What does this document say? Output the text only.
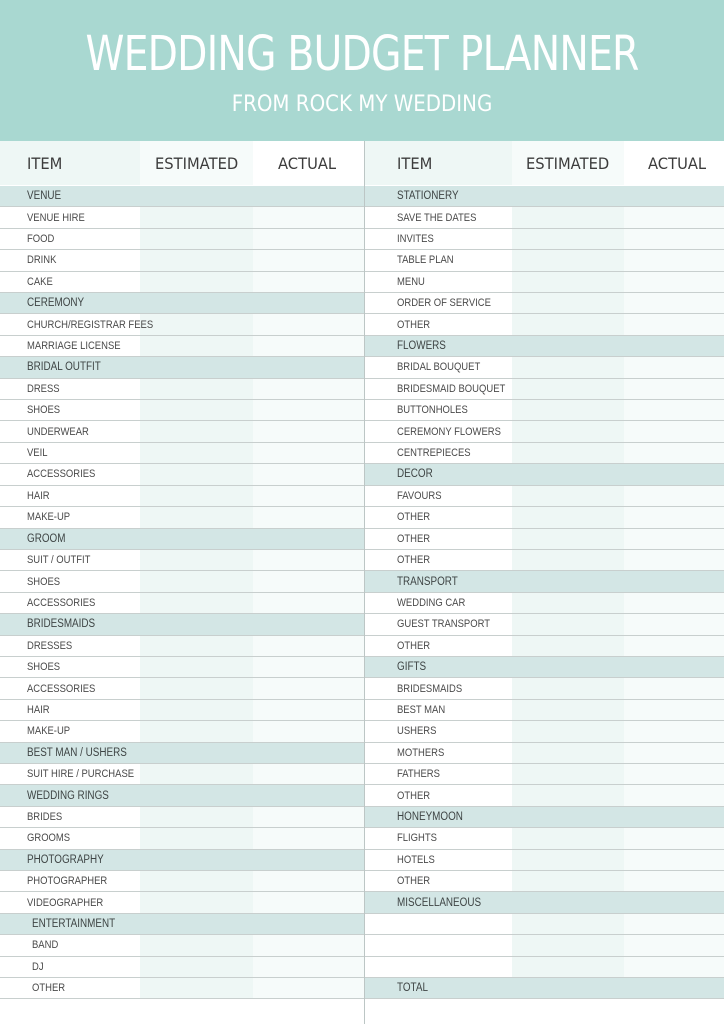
WEDDING BUDGET PLANNER
FROM ROCK MY WEDDING
ITEM	ESTIMATED ACTUAL	ITEM	ESTIMATED ACTUAL
VENUE
VENUE HIRE
FOOD
DRINK
CAKE
CEREMONY
CHURCH/REGISTRAR FEES
MARRIAGE LICENSE
BRIDAL OUTFIT
DRESS
SHOES
UNDERWEAR
VEIL
ACCESSORIES
HAIR
MAKE-UP
GROOM
SUIT / OUTFIT
SHOES
ACCESSORIES
BRIDESMAIDS
DRESSES
SHOES
ACCESSORIES
HAIR
MAKE-UP
BEST MAN / USHERS
SUIT HIRE / PURCHASE
WEDDING RINGS
BRIDES
GROOMS
PHOTOGRAPHY
PHOTOGRAPHER
VIDEOGRAPHER
ENTERTAINMENT
BAND
DJ
OTHER
STATIONERY
SAVE THE DATES
INVITES
TABLE PLAN
MENU
ORDER OF SERVICE
OTHER
FLOWERS
BRIDAL BOUQUET
BRIDESMAID BOUQUET
BUTTONHOLES
CEREMONY FLOWERS
CENTREPIECES
DECOR
FAVOURS
OTHER
OTHER
OTHER
TRANSPORT
WEDDING CAR
GUEST TRANSPORT
OTHER
GIFTS
BRIDESMAIDS
BEST MAN
USHERS
MOTHERS
FATHERS
OTHER
HONEYMOON
FLIGHTS
HOTELS
OTHER
MISCELLANEOUS
TOTAL
